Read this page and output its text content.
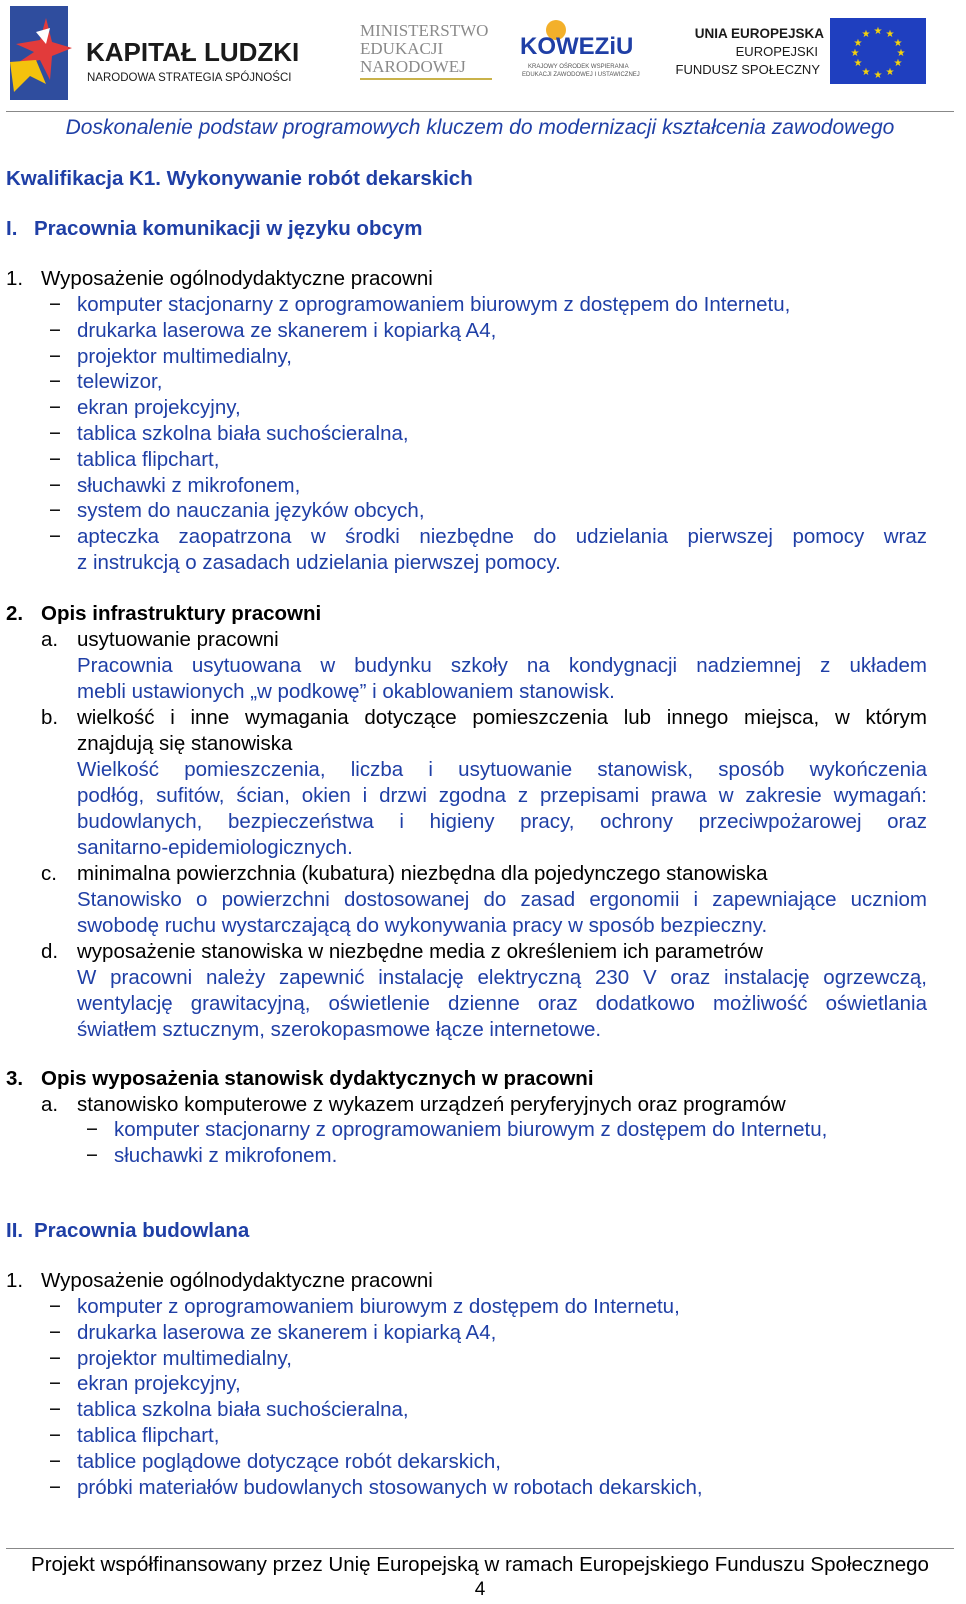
KAPITAŁ LUDZKI
NARODOWA STRATEGIA SPÓJNOŚCI
MINISTERSTWO
EDUKACJI
NARODOWEJ
KOWEZiU
KRAJOWY OŚRODEK WSPIERANIA
EDUKACJI ZAWODOWEJ I USTAWICZNEJ
UNIA EUROPEJSKA
EUROPEJSKI
FUNDUSZ SPOŁECZNY
★ ★
★
★
★
★
★
★
★
★
★
★
Doskonalenie podstaw programowych kluczem do modernizacji kształcenia zawodowego
Kwalifikacja K1. Wykonywanie robót dekarskich
I. Pracownia komunikacji w języku obcym
1. Wyposażenie ogólnodydaktyczne pracowni
− komputer stacjonarny z oprogramowaniem biurowym z dostępem do Internetu,
− drukarka laserowa ze skanerem i kopiarką A4,
− projektor multimedialny,
− telewizor,
− ekran projekcyjny,
− tablica szkolna biała suchościeralna,
− tablica flipchart,
− słuchawki z mikrofonem,
− system do nauczania języków obcych,
− apteczka zaopatrzona w środki niezbędne do udzielania pierwszej pomocy wraz
z instrukcją o zasadach udzielania pierwszej pomocy.
2. Opis infrastruktury pracowni
a. usytuowanie pracowni
Pracownia usytuowana w budynku szkoły na kondygnacji nadziemnej z układem
mebli ustawionych „w podkowę” i okablowaniem stanowisk.
b. wielkość i inne wymagania dotyczące pomieszczenia lub innego miejsca, w którym
znajdują się stanowiska
Wielkość pomieszczenia, liczba i usytuowanie stanowisk, sposób wykończenia
podłóg, sufitów, ścian, okien i drzwi zgodna z przepisami prawa w zakresie wymagań:
budowlanych, bezpieczeństwa i higieny pracy, ochrony przeciwpożarowej oraz
sanitarno-epidemiologicznych.
c. minimalna powierzchnia (kubatura) niezbędna dla pojedynczego stanowiska
Stanowisko o powierzchni dostosowanej do zasad ergonomii i zapewniające uczniom
swobodę ruchu wystarczającą do wykonywania pracy w sposób bezpieczny.
d. wyposażenie stanowiska w niezbędne media z określeniem ich parametrów
W pracowni należy zapewnić instalację elektryczną 230 V oraz instalację ogrzewczą,
wentylację grawitacyjną, oświetlenie dzienne oraz dodatkowo możliwość oświetlania
światłem sztucznym, szerokopasmowe łącze internetowe.
3. Opis wyposażenia stanowisk dydaktycznych w pracowni
a. stanowisko komputerowe z wykazem urządzeń peryferyjnych oraz programów
− komputer stacjonarny z oprogramowaniem biurowym z dostępem do Internetu,
− słuchawki z mikrofonem.
II. Pracownia budowlana
1. Wyposażenie ogólnodydaktyczne pracowni
− komputer z oprogramowaniem biurowym z dostępem do Internetu,
− drukarka laserowa ze skanerem i kopiarką A4,
− projektor multimedialny,
− ekran projekcyjny,
− tablica szkolna biała suchościeralna,
− tablica flipchart,
− tablice poglądowe dotyczące robót dekarskich,
− próbki materiałów budowlanych stosowanych w robotach dekarskich,
Projekt współfinansowany przez Unię Europejską w ramach Europejskiego Funduszu Społecznego
4
